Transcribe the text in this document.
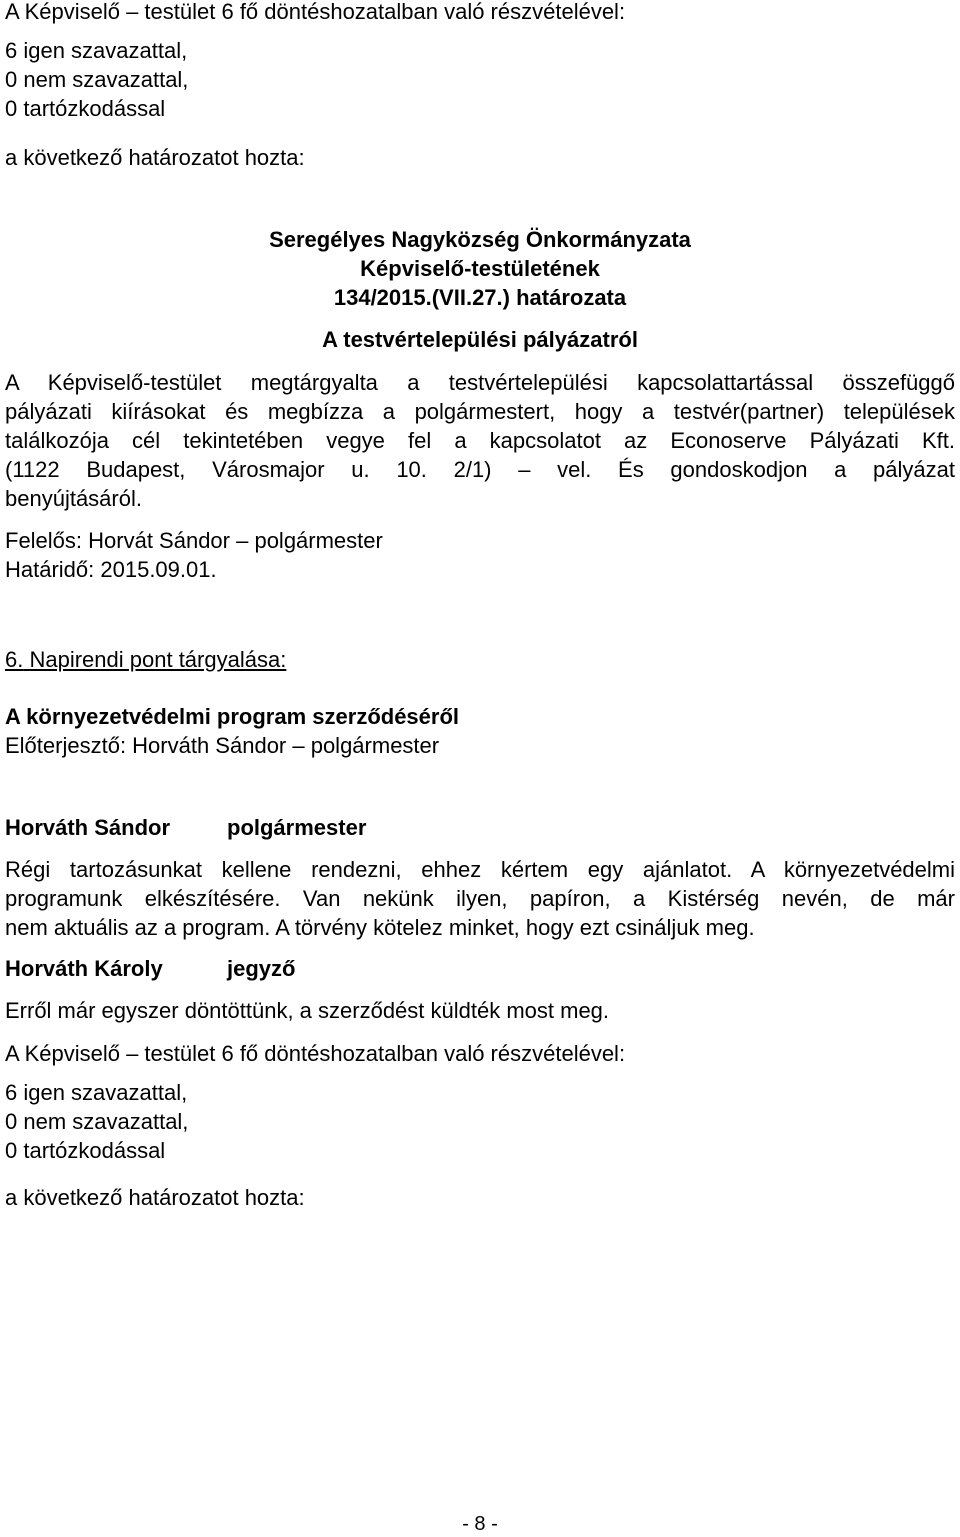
A Képviselő – testület 6 fő döntéshozatalban való részvételével:
6 igen szavazattal,
0 nem szavazattal,
0 tartózkodással
a következő határozatot hozta:
Seregélyes Nagyközség Önkormányzata
Képviselő-testületének
134/2015.(VII.27.) határozata
A testvértelepülési pályázatról
A Képviselő-testület megtárgyalta a testvértelepülési kapcsolattartással összefüggő
pályázati kiírásokat és megbízza a polgármestert, hogy a testvér(partner) települések
találkozója cél tekintetében vegye fel a kapcsolatot az Econoserve Pályázati Kft.
(1122 Budapest, Városmajor u. 10. 2/1) – vel. És gondoskodjon a pályázat
benyújtásáról.
Felelős: Horvát Sándor – polgármester
Határidő: 2015.09.01.
6. Napirendi pont tárgyalása:
A környezetvédelmi program szerződéséről
Előterjesztő: Horváth Sándor – polgármester
Horváth Sándor	polgármester
Régi tartozásunkat kellene rendezni, ehhez kértem egy ajánlatot. A környezetvédelmi
programunk elkészítésére. Van nekünk ilyen, papíron, a Kistérség nevén, de már
nem aktuális az a program. A törvény kötelez minket, hogy ezt csináljuk meg.
Horváth Károly	jegyző
Erről már egyszer döntöttünk, a szerződést küldték most meg.
A Képviselő – testület 6 fő döntéshozatalban való részvételével:
6 igen szavazattal,
0 nem szavazattal,
0 tartózkodással
a következő határozatot hozta:
- 8 -
